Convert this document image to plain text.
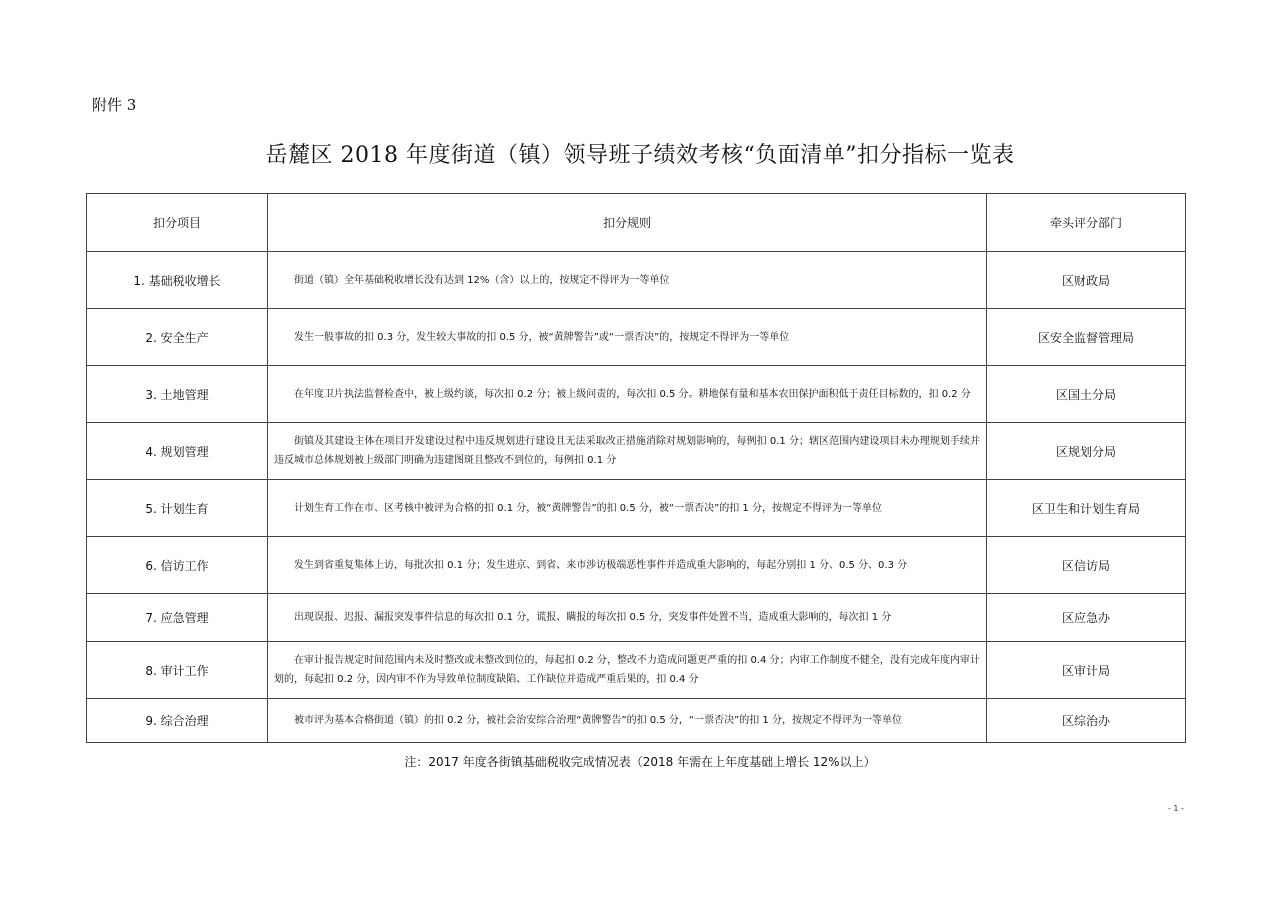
附件 3
岳麓区 2018 年度街道（镇）领导班子绩效考核“负面清单”扣分指标一览表
扣分项目	扣分规则	牵头评分部门
1. 基础税收增长	街道（镇）全年基础税收增长没有达到 12%（含）以上的，按规定不得评为一等单位	区财政局
2. 安全生产	发生一般事故的扣 0.3 分，发生较大事故的扣 0.5 分，被“黄牌警告”或“一票否决”的，按规定不得评为一等单位	区安全监督管理局
3. 土地管理	在年度卫片执法监督检查中，被上级约谈，每次扣 0.2 分；被上级问责的，每次扣 0.5 分。耕地保有量和基本农田保护面积低于责任目标数的，扣 0.2 分	区国土分局
4. 规划管理	街镇及其建设主体在项目开发建设过程中违反规划进行建设且无法采取改正措施消除对规划影响的，每例扣 0.1 分；辖区范围内建设项目未办理规划手续并违反城市总体规划被上级部门明确为违建图斑且整改不到位的，每例扣 0.1 分	区规划分局
5. 计划生育	计划生育工作在市、区考核中被评为合格的扣 0.1 分，被“黄牌警告”的扣 0.5 分，被“一票否决”的扣 1 分，按规定不得评为一等单位	区卫生和计划生育局
6. 信访工作	发生到省重复集体上访，每批次扣 0.1 分；发生进京、到省、来市涉访极端恶性事件并造成重大影响的，每起分别扣 1 分、0.5 分、0.3 分	区信访局
7. 应急管理	出现误报、迟报、漏报突发事件信息的每次扣 0.1 分，谎报、瞒报的每次扣 0.5 分，突发事件处置不当，造成重大影响的，每次扣 1 分	区应急办
8. 审计工作	在审计报告规定时间范围内未及时整改或未整改到位的，每起扣 0.2 分，整改不力造成问题更严重的扣 0.4 分；内审工作制度不健全，没有完成年度内审计划的，每起扣 0.2 分，因内审不作为导致单位制度缺陷、工作缺位并造成严重后果的，扣 0.4 分	区审计局
9. 综合治理	被市评为基本合格街道（镇）的扣 0.2 分，被社会治安综合治理“黄牌警告”的扣 0.5 分，“一票否决”的扣 1 分，按规定不得评为一等单位	区综治办
注：2017 年度各街镇基础税收完成情况表（2018 年需在上年度基础上增长 12%以上）
- 1 -
